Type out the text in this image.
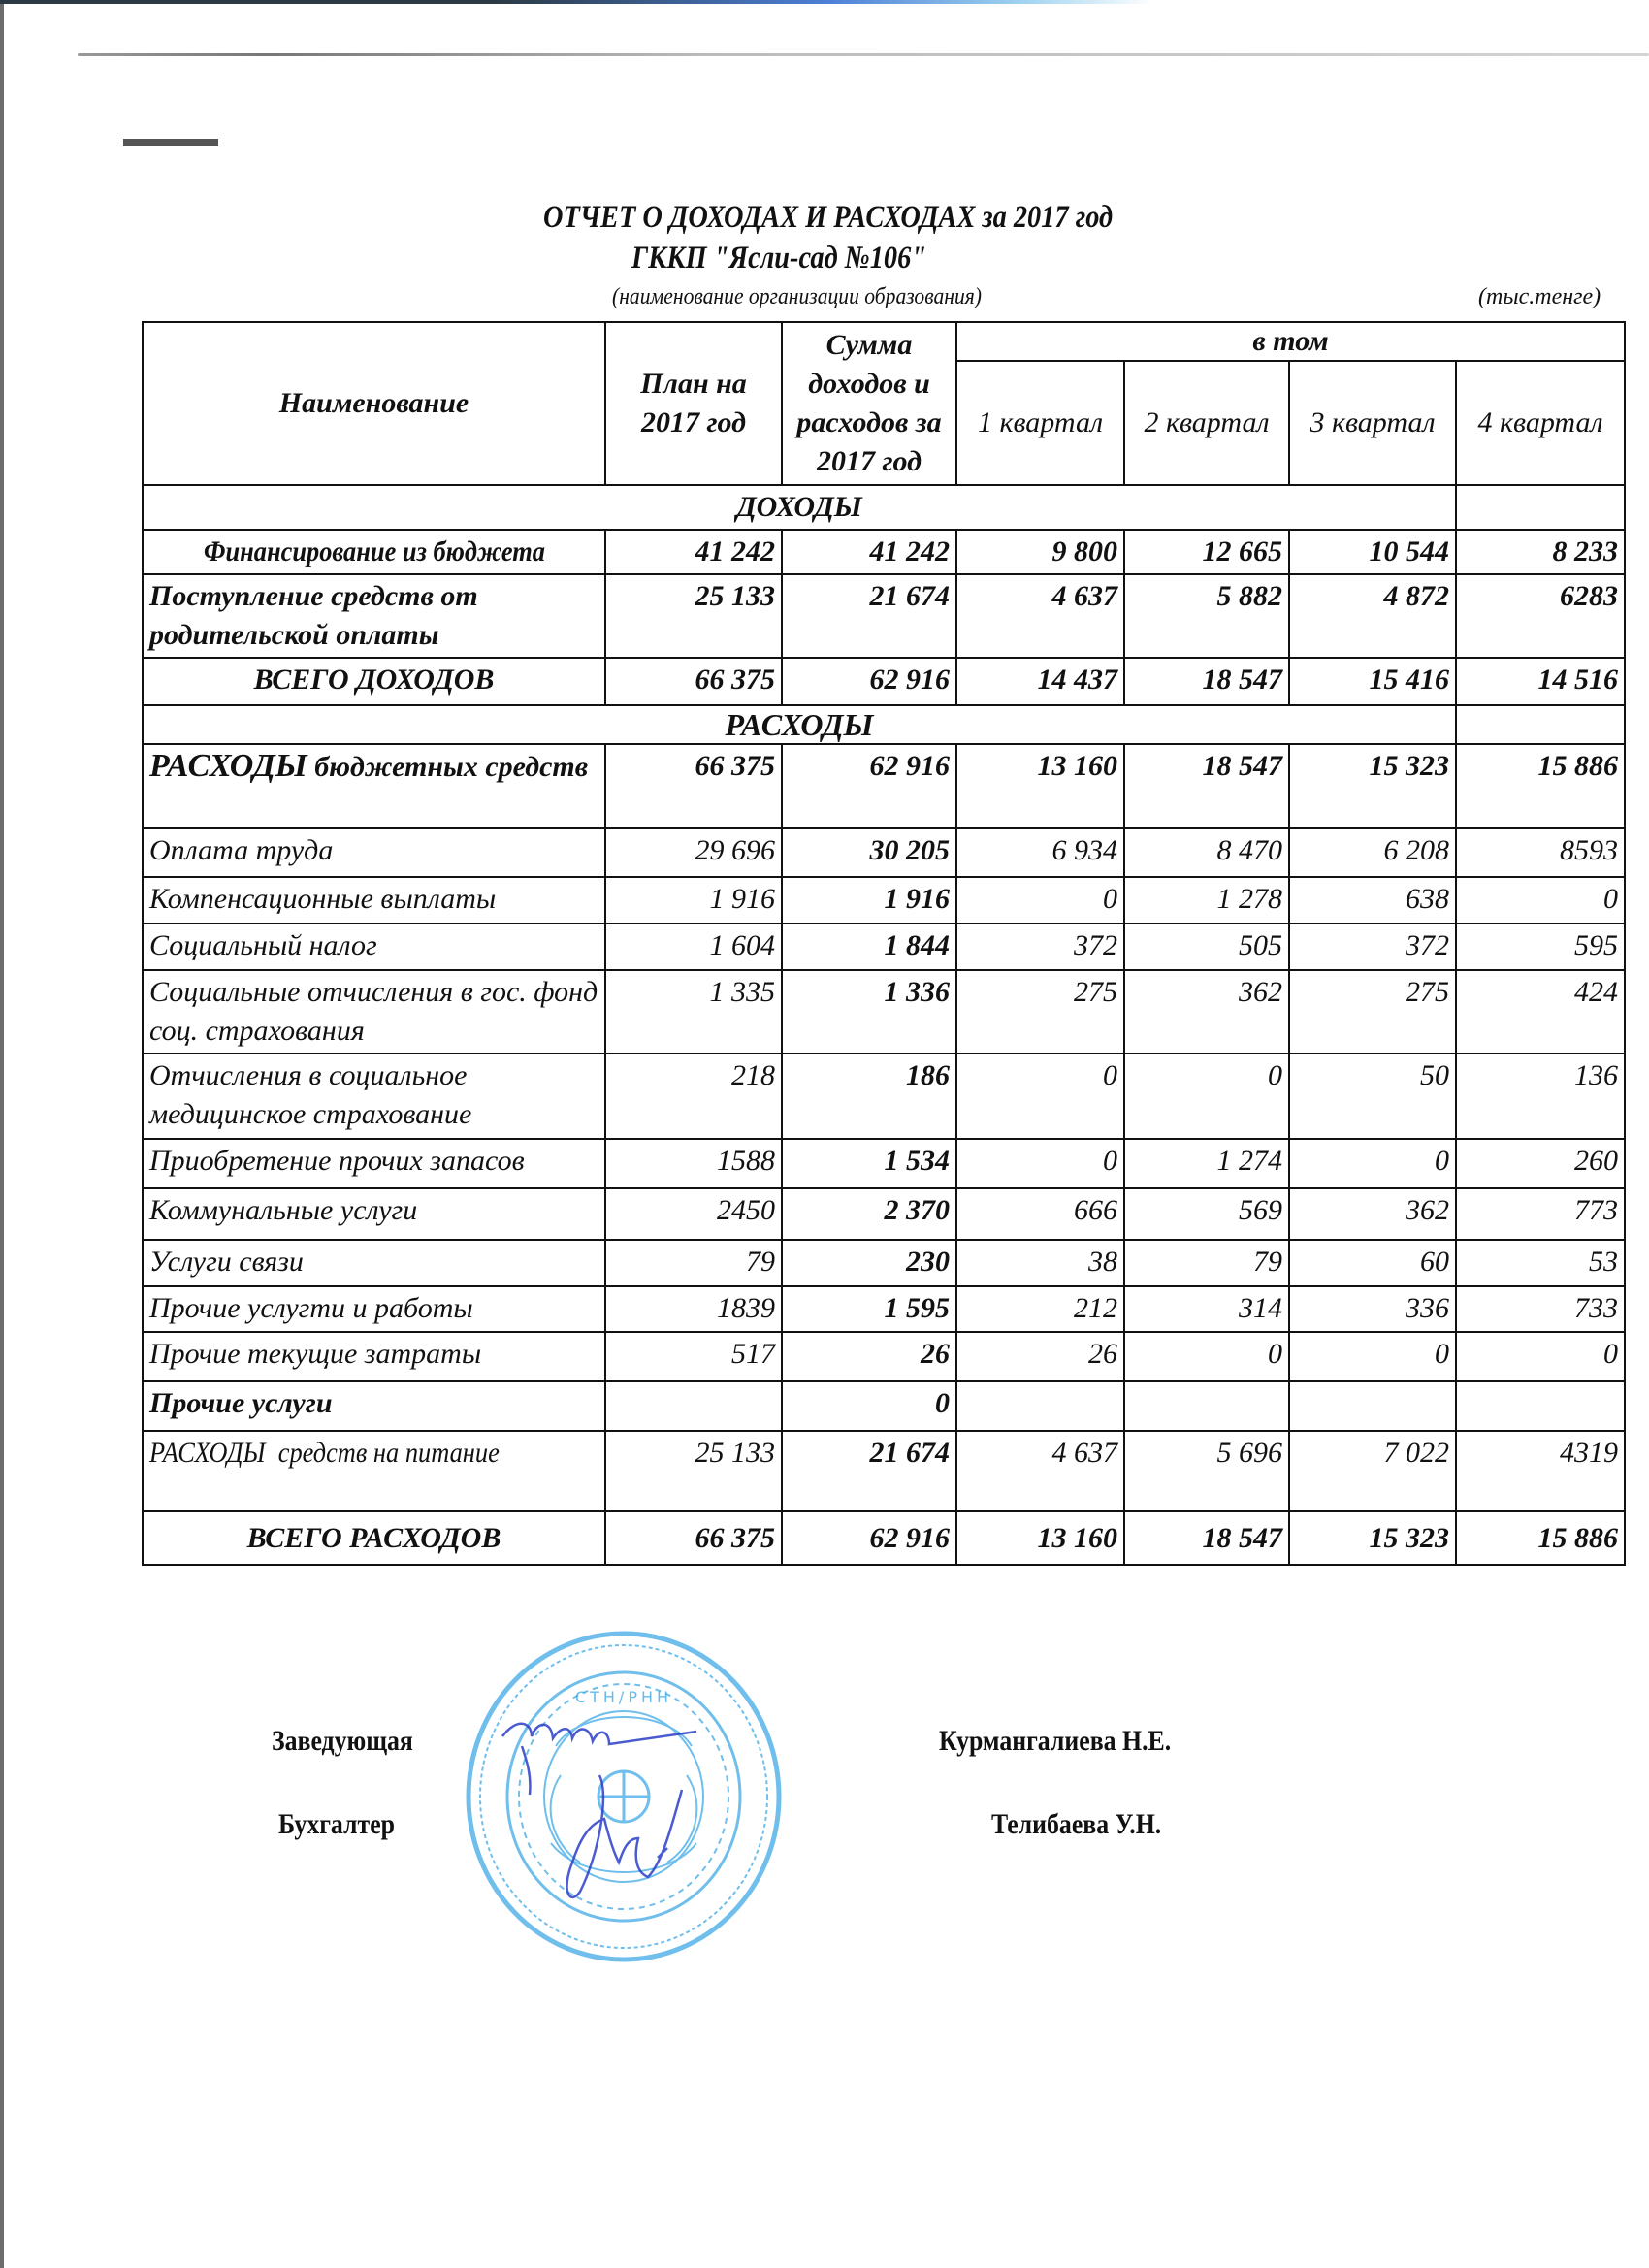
ОТЧЕТ О ДОХОДАХ И РАСХОДАХ за 2017 год
ГККП "Ясли-сад №106"
(наименование организации образования)	(тыс.тенге)
Наименование	План на 2017 год	Сумма доходов и расходов за 2017 год	в том			
			1 квартал	2 квартал	3 квартал	4 квартал
ДОХОДЫ						
Финансирование из бюджета	41 242	41 242	9 800	12 665	10 544	8 233
Поступление средств от родительской оплаты	25 133	21 674	4 637	5 882	4 872	6283
ВСЕГО ДОХОДОВ	66 375	62 916	14 437	18 547	15 416	14 516
РАСХОДЫ						
РАСХОДЫ бюджетных средств	66 375	62 916	13 160	18 547	15 323	15 886
Оплата труда	29 696	30 205	6 934	8 470	6 208	8593
Компенсационные выплаты	1 916	1 916	0	1 278	638	0
Социальный налог	1 604	1 844	372	505	372	595
Социальные отчисления в гос. фонд соц. страхования	1 335	1 336	275	362	275	424
Отчисления в социальное медицинское страхование	218	186	0	0	50	136
Приобретение прочих запасов	1588	1 534	0	1 274	0	260
Коммунальные услуги	2450	2 370	666	569	362	773
Услуги связи	79	230	38	79	60	53
Прочие услугти и работы	1839	1 595	212	314	336	733
Прочие текущие затраты	517	26	26	0	0	0
Прочие услуги		0				
РАСХОДЫ  средств на питание	25 133	21 674	4 637	5 696	7 022	4319
ВСЕГО РАСХОДОВ	66 375	62 916	13 160	18 547	15 323	15 886
СТН/РНН
Заведующая	Курмангалиева Н.Е.
Бухгалтер	Телибаева У.Н.
